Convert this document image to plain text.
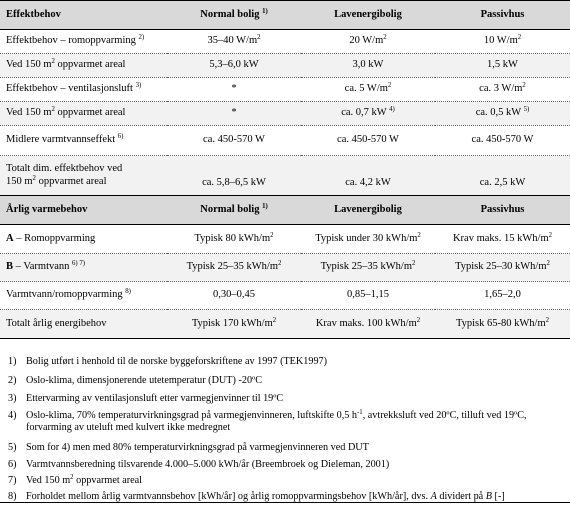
Effektbehov	Normal bolig $^{1)}$	Lavenergibolig	Passivhus
Effektbehov – romoppvarming $^{2)}$	35–40 $W/m^2$	20 $W/m^2$	10 $W/m^2$
Ved 150 $m^2$ oppvarmet areal	5,3–6,0 kW	3,0 kW	1,5 kW
Effektbehov – ventilasjonsluft $^{3)}$	*	ca. 5 $W/m^2$	ca. 3 $W/m^2$
Ved 150 $m^2$ oppvarmet areal	*	ca. 0,7 kW $^{4)}$	ca. 0,5 kW $^{5)}$
Midlere varmtvannseffekt $^{6)}$	ca. 450-570 W	ca. 450-570 W	ca. 450-570 W
Totalt dim. effektbehov ved
150 $m^2$ oppvarmet areal	ca. 5,8–6,5 kW	ca. 4,2 kW	ca. 2,5 kW
Årlig varmebehov	Normal bolig $^{1)}$	Lavenergibolig	Passivhus
A – Romoppvarming	Typisk 80 kWh/$m^2$	Typisk under 30 kWh/$m^2$	Krav maks. 15 kWh/$m^2$
B – Varmtvann $^{6) 7)}$	Typisk 25–35 kWh/$m^2$	Typisk 25–35 kWh/$m^2$	Typisk 25–30 kWh/$m^2$
Varmtvann/romoppvarming $^{8)}$	0,30–0,45	0,85–1,15	1,65–2,0
Totalt årlig energibehov	Typisk 170 kWh/$m^2$	Krav maks. 100 kWh/$m^2$	Typisk 65-80 kWh/$m^2$
1) Bolig utført i henhold til de norske byggeforskriftene av 1997 (TEK1997)
2) Oslo-klima, dimensjonerende utetemperatur (DUT) -20ºC
3) Ettervarming av ventilasjonsluft etter varmegjenvinner til 19ºC
4) Oslo-klima, 70% temperaturvirkningsgrad på varmegjenvinneren, luftskifte 0,5 $h^{-1}$, avtrekksluft ved 20ºC, tilluft ved 19ºC,
forvarming av uteluft med kulvert ikke medregnet
5) Som for 4) men med 80% temperaturvirkningsgrad på varmegjenvinneren ved DUT
6) Varmtvannsberedning tilsvarende 4.000–5.000 kWh/år (Breembroek og Dieleman, 2001)
7) Ved 150 $m^2$ oppvarmet areal
8) Forholdet mellom årlig varmtvannsbehov [kWh/år] og årlig romoppvarmingsbehov [kWh/år], dvs. A dividert på B [-]
